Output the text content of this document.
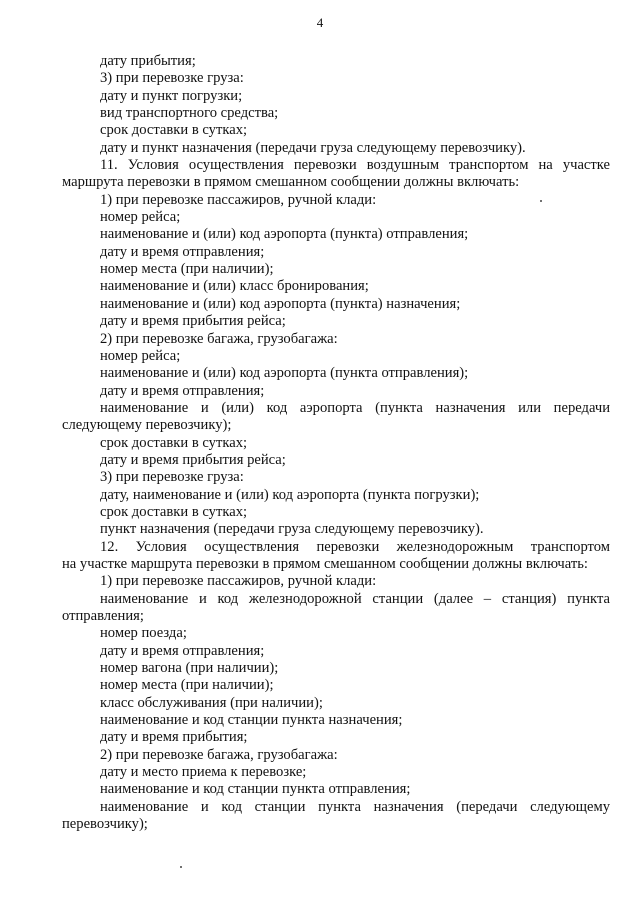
4
дату прибытия;
3) при перевозке груза:
дату и пункт погрузки;
вид транспортного средства;
срок доставки в сутках;
дату и пункт назначения (передачи груза следующему перевозчику).
11. Условия осуществления перевозки воздушным транспортом на участке
маршрута перевозки в прямом смешанном сообщении должны включать:
1) при перевозке пассажиров, ручной клади:
номер рейса;
наименование и (или) код аэропорта (пункта) отправления;
дату и время отправления;
номер места (при наличии);
наименование и (или) класс бронирования;
наименование и (или) код аэропорта (пункта) назначения;
дату и время прибытия рейса;
2) при перевозке багажа, грузобагажа:
номер рейса;
наименование и (или) код аэропорта (пункта отправления);
дату и время отправления;
наименование и (или) код аэропорта (пункта назначения или передачи
следующему перевозчику);
срок доставки в сутках;
дату и время прибытия рейса;
3) при перевозке груза:
дату, наименование и (или) код аэропорта (пункта погрузки);
срок доставки в сутках;
пункт назначения (передачи груза следующему перевозчику).
12. Условия осуществления перевозки железнодорожным транспортом
на участке маршрута перевозки в прямом смешанном сообщении должны включать:
1) при перевозке пассажиров, ручной клади:
наименование и код железнодорожной станции (далее – станция) пункта
отправления;
номер поезда;
дату и время отправления;
номер вагона (при наличии);
номер места (при наличии);
класс обслуживания (при наличии);
наименование и код станции пункта назначения;
дату и время прибытия;
2) при перевозке багажа, грузобагажа:
дату и место приема к перевозке;
наименование и код станции пункта отправления;
наименование и код станции пункта назначения (передачи следующему
перевозчику);
